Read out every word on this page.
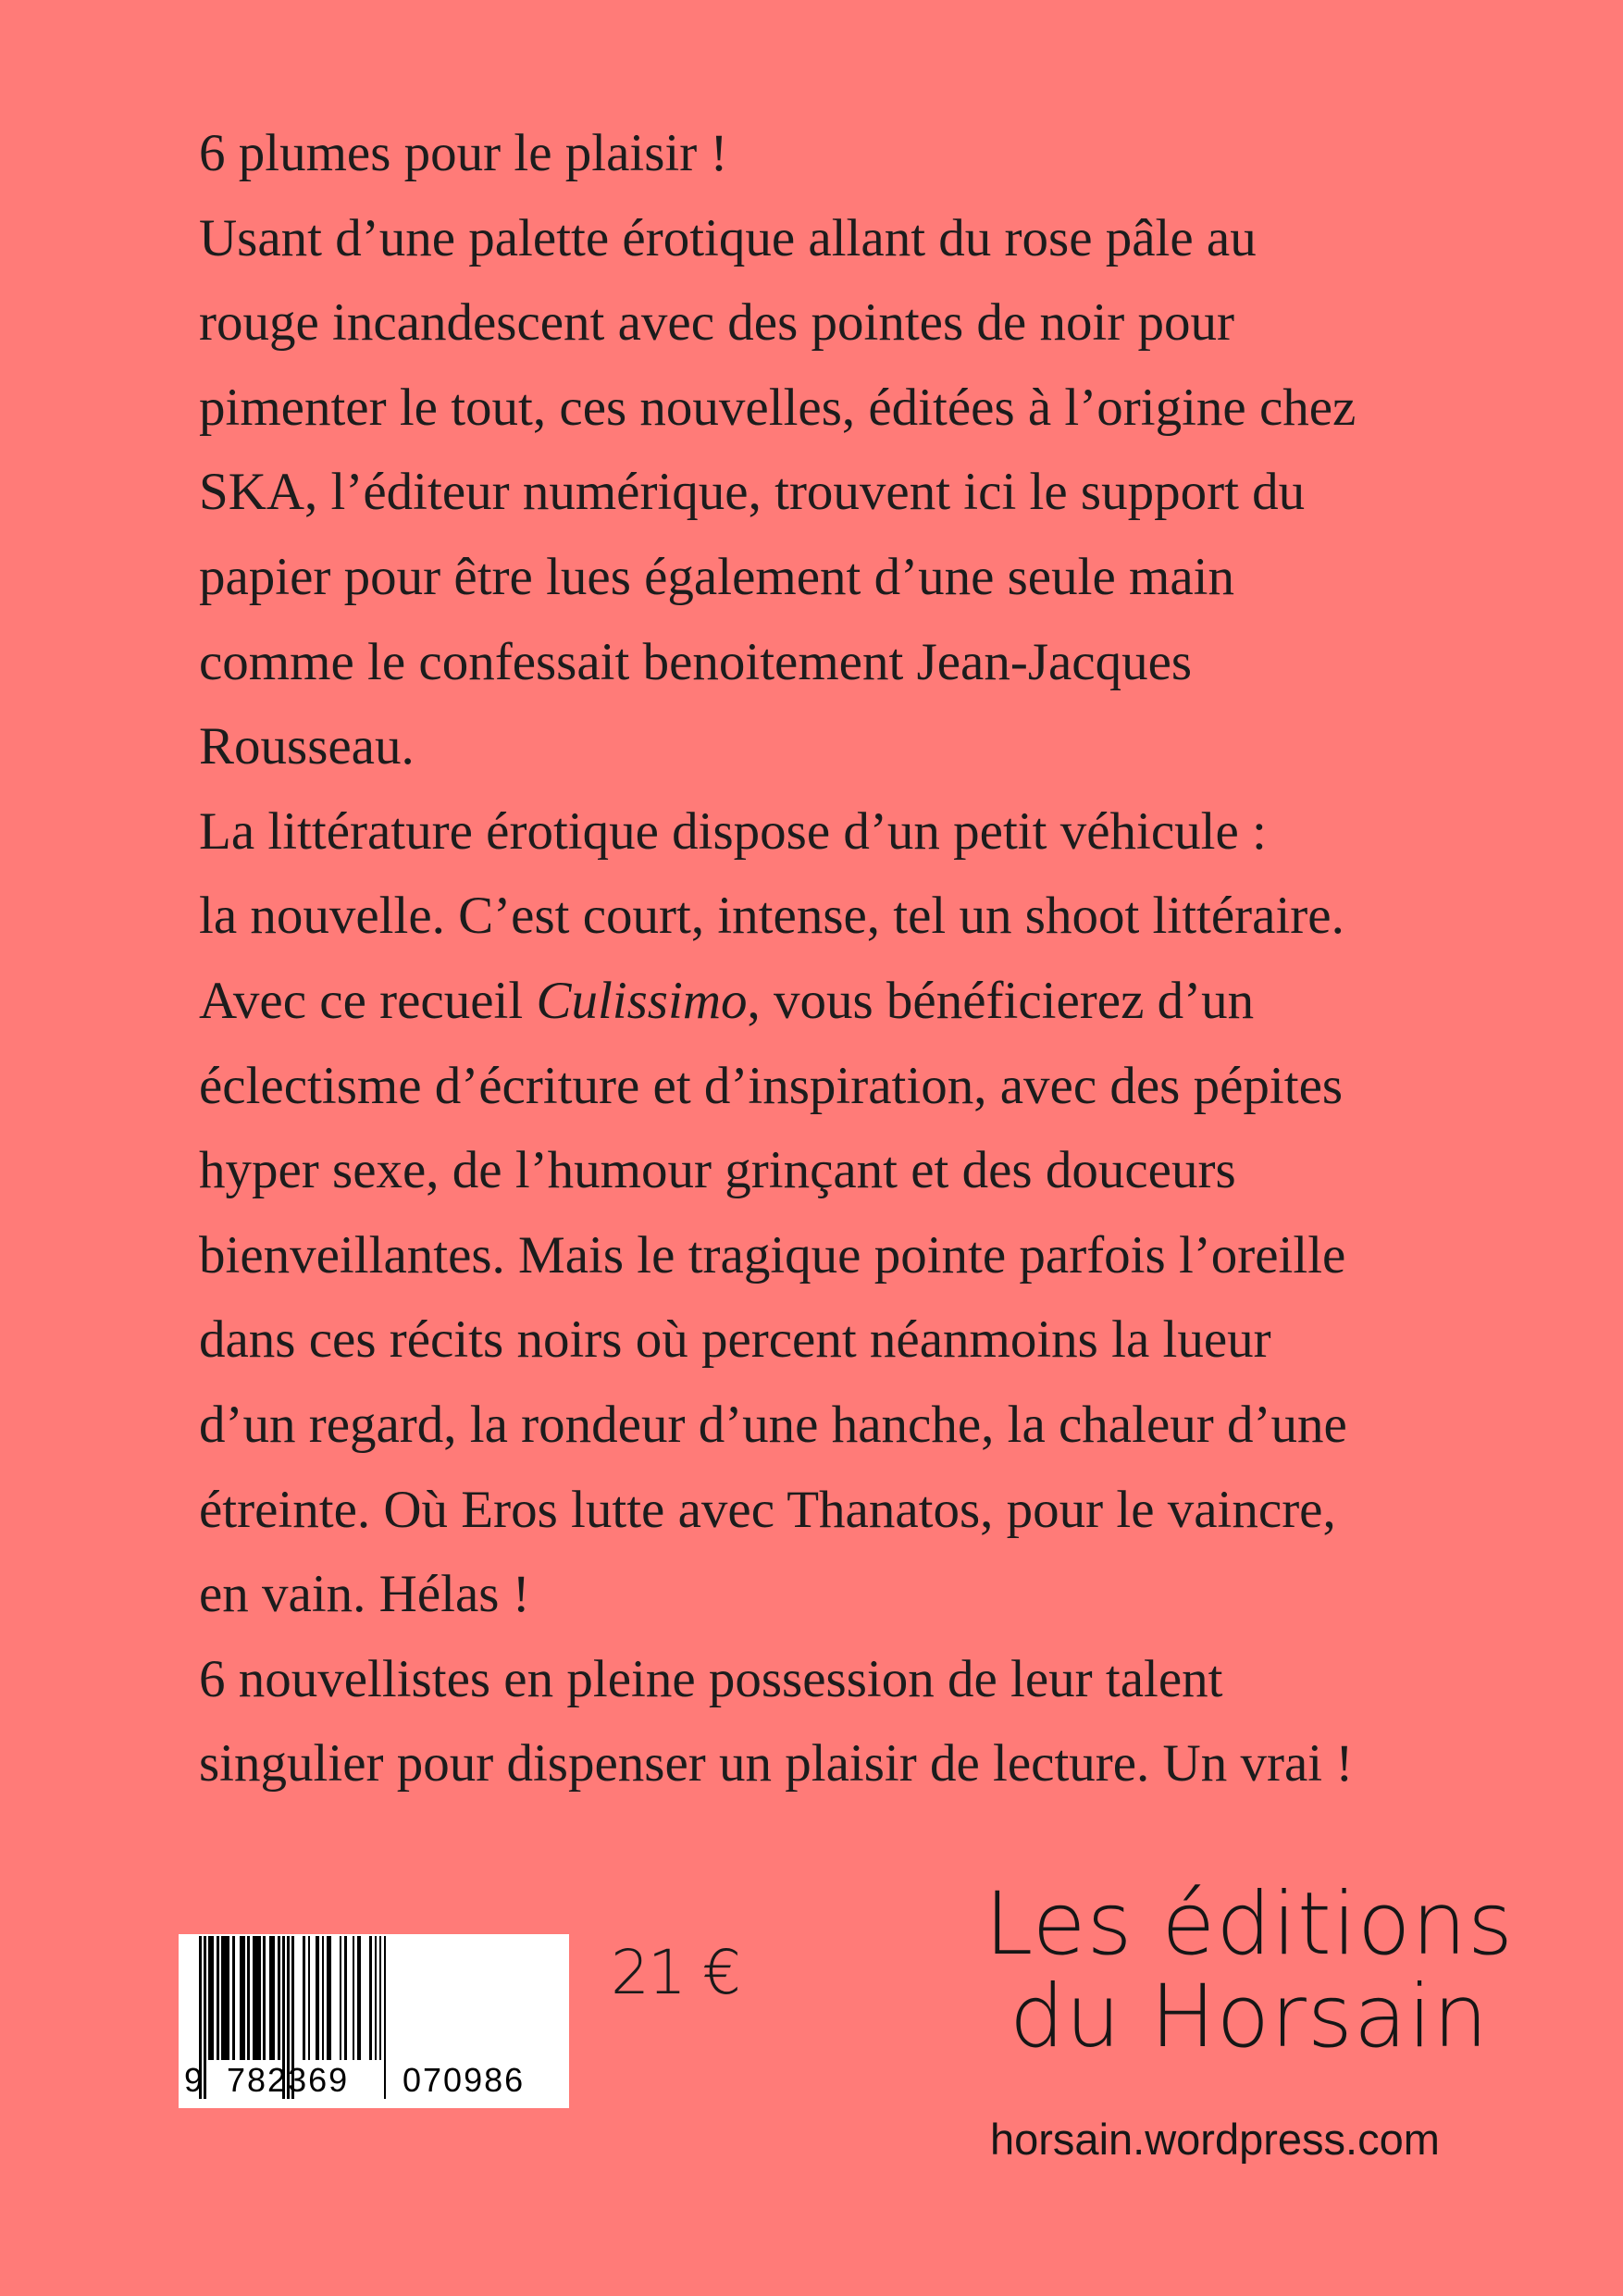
6 plumes pour le plaisir !
Usant d’une palette érotique allant du rose pâle au
rouge incandescent avec des pointes de noir pour
pimenter le tout, ces nouvelles, éditées à l’origine chez
SKA, l’éditeur numérique, trouvent ici le support du
papier pour être lues également d’une seule main
comme le confessait benoitement Jean-Jacques
Rousseau.
La littérature érotique dispose d’un petit véhicule :
la nouvelle. C’est court, intense, tel un shoot littéraire.
Avec ce recueil Culissimo, vous bénéficierez d’un
éclectisme d’écriture et d’inspiration, avec des pépites
hyper sexe, de l’humour grinçant et des douceurs
bienveillantes. Mais le tragique pointe parfois l’oreille
dans ces récits noirs où percent néanmoins la lueur
d’un regard, la rondeur d’une hanche, la chaleur d’une
étreinte. Où Eros lutte avec Thanatos, pour le vaincre,
en vain. Hélas !
6 nouvellistes en pleine possession de leur talent
singulier pour dispenser un plaisir de lecture. Un vrai !
9 782369 070986
21 €	Les éditions
du Horsain
horsain.wordpress.com
